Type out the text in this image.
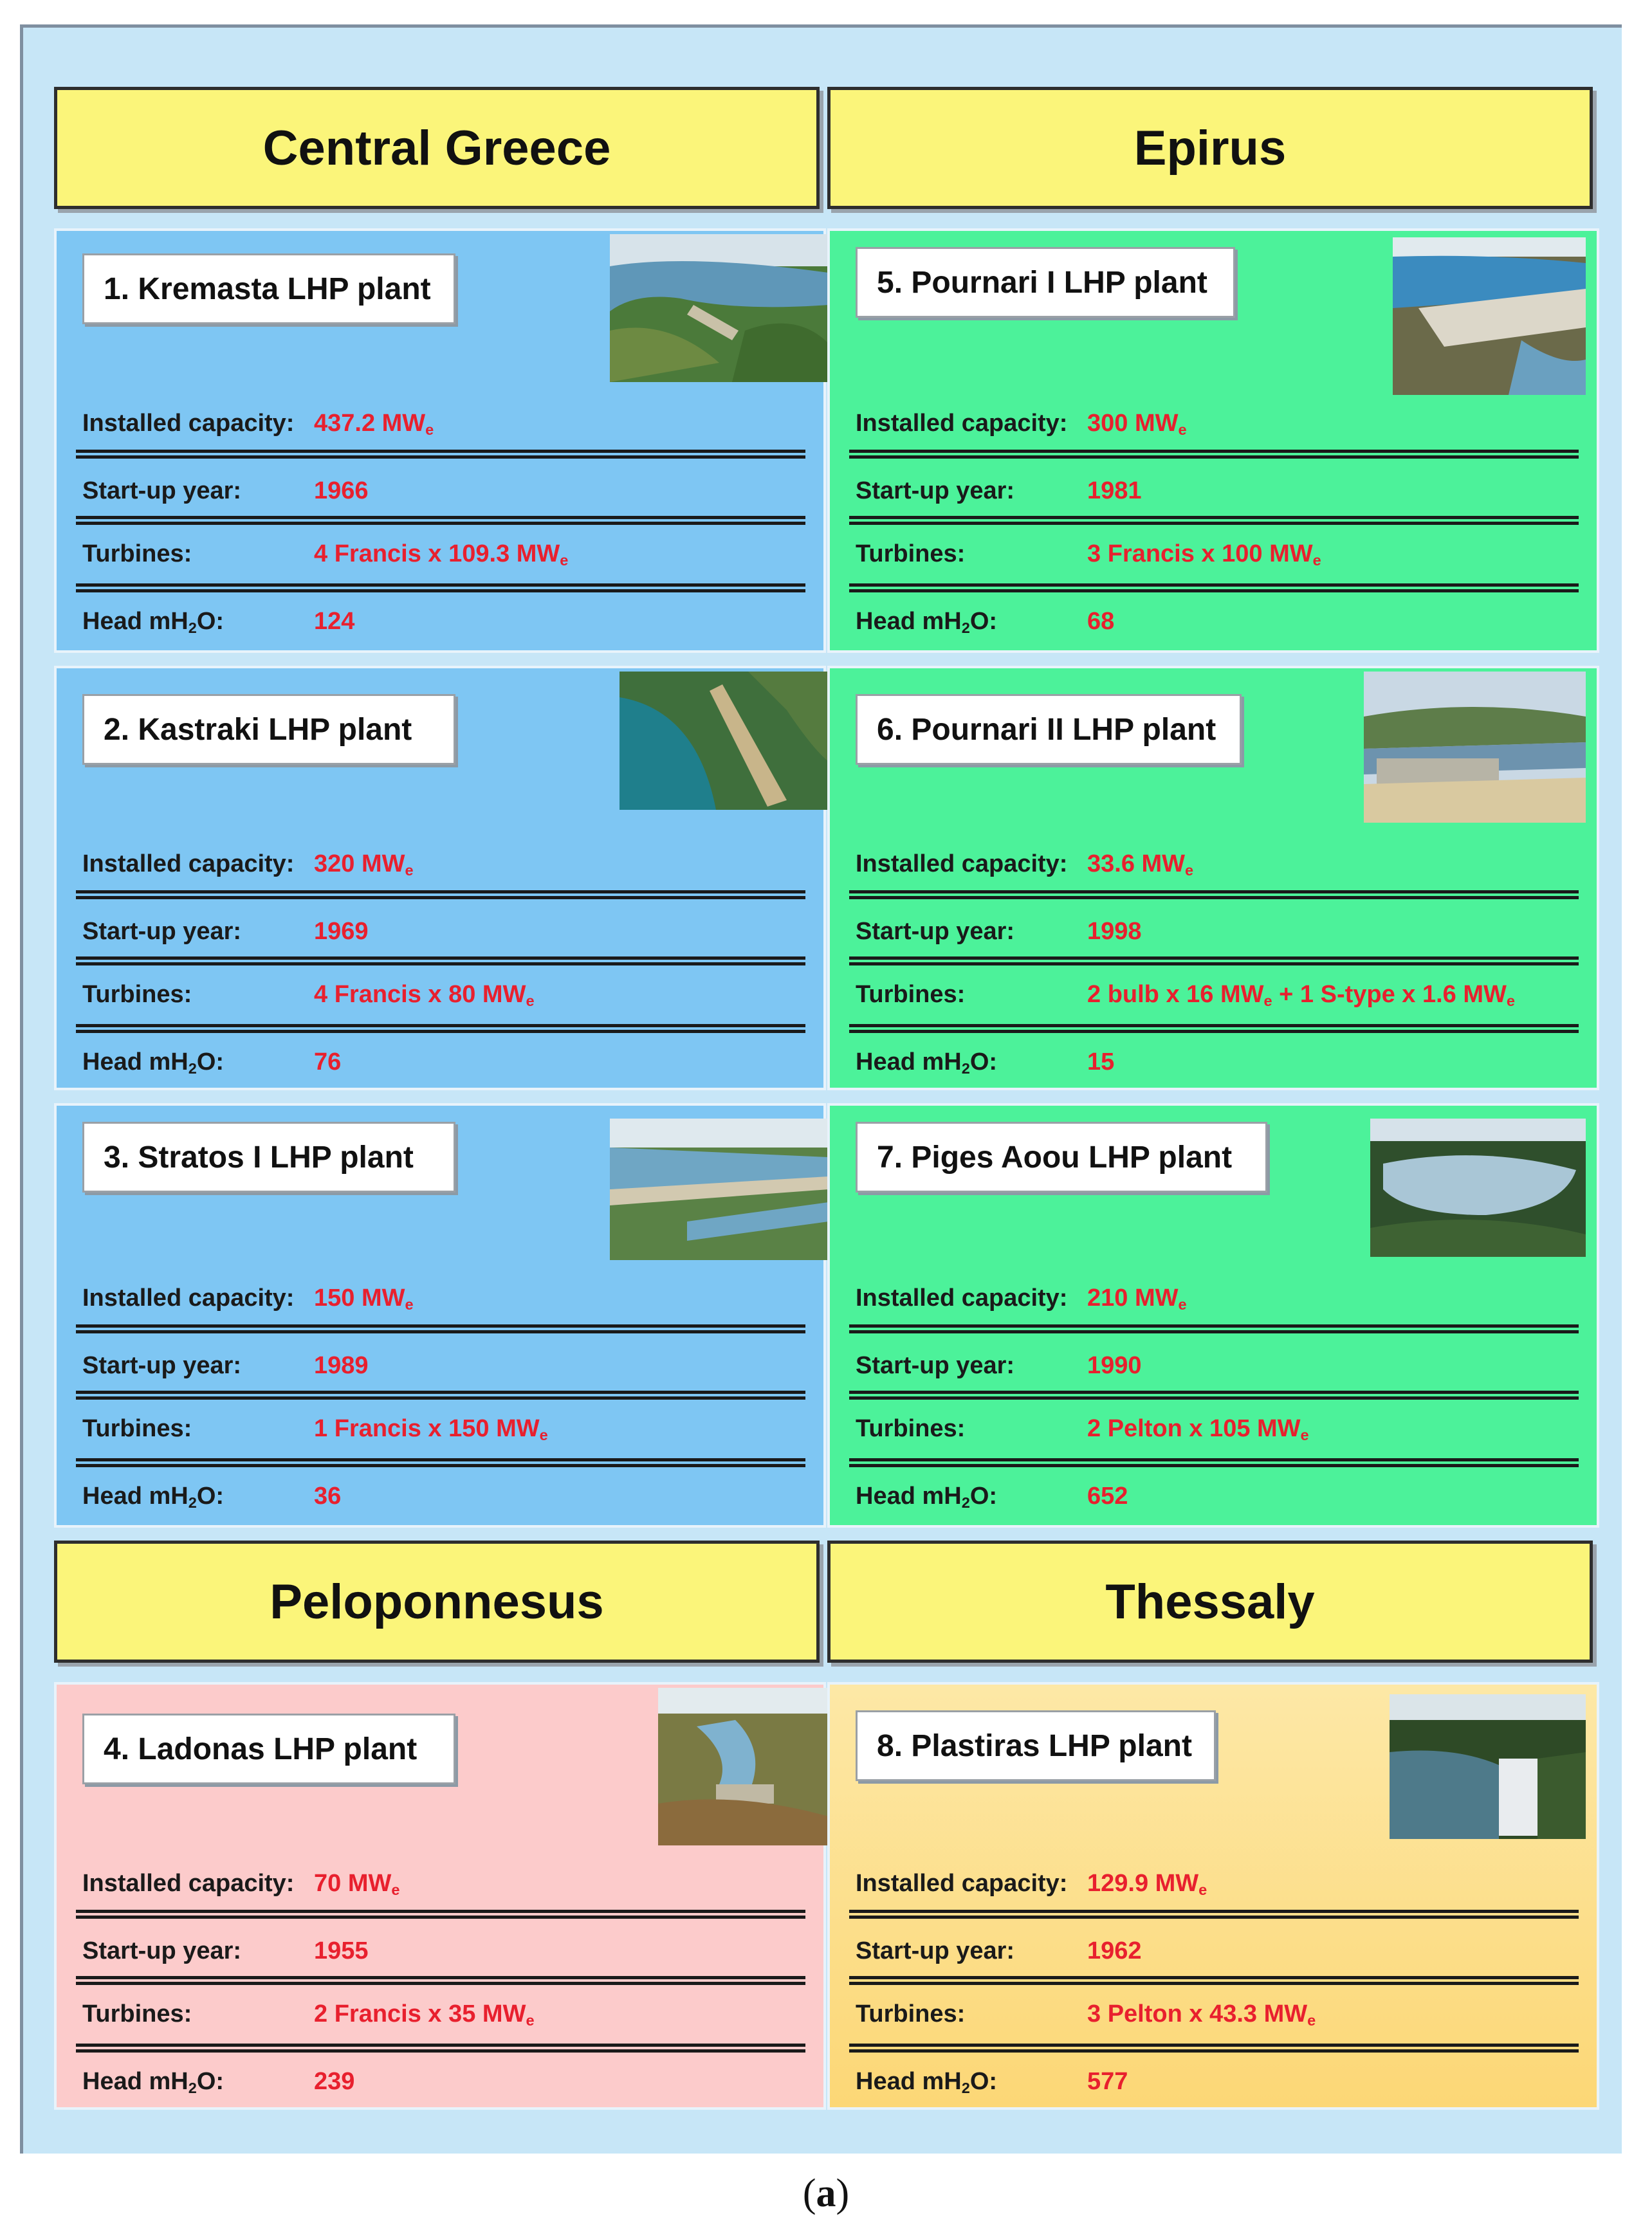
Central Greece	Epirus
Peloponnesus	Thessaly
1. Kremasta LHP plant
Installed capacity: 437.2 $MW_e$
Start-up year:	1966
Turbines:	4 Francis x 109.3 $MW_e$
Head $mH_2O$:	124
2. Kastraki LHP plant
Installed capacity: 320 $MW_e$
Start-up year:	1969
Turbines:	4 Francis x 80 $MW_e$
Head $mH_2O$:	76
3. Stratos I LHP plant
Installed capacity: 150 $MW_e$
Start-up year:	1989
Turbines:	1 Francis x 150 $MW_e$
Head $mH_2O$:	36
4. Ladonas LHP plant
Installed capacity: 70 $MW_e$
Start-up year:	1955
Turbines:	2 Francis x 35 $MW_e$
Head $mH_2O$:	239
5. Pournari I LHP plant
Installed capacity: 300 $MW_e$
Start-up year:	1981
Turbines:	3 Francis x 100 $MW_e$
Head $mH_2O$:	68
6. Pournari II LHP plant
Installed capacity: 33.6 $MW_e$
Start-up year:	1998
Turbines:	2 bulb x 16 $MW_e + 1$ S-type x 1.6 $MW_e$
Head $mH_2O$:	15
7. Piges Aoou LHP plant
Installed capacity: 210 $MW_e$
Start-up year:	1990
Turbines:	2 Pelton x 105 $MW_e$
Head $mH_2O$:	652
8. Plastiras LHP plant
Installed capacity: 129.9 $MW_e$
Start-up year:	1962
Turbines:	3 Pelton x 43.3 $MW_e$
Head $mH_2O$:	577
(a)
